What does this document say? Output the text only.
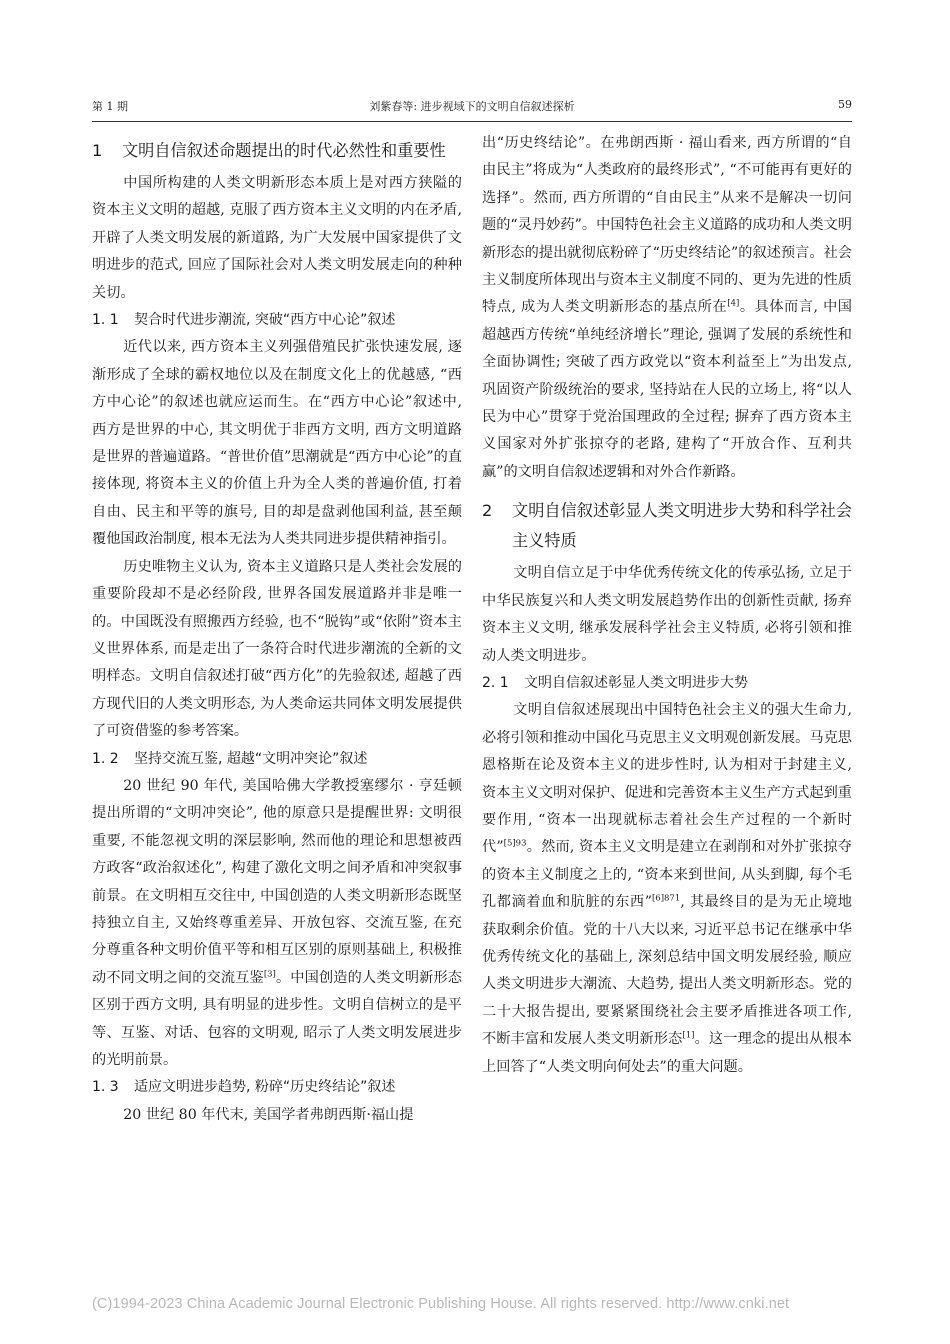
第 1 期	刘紫春等: 进步视域下的文明自信叙述探析	59
1	文明自信叙述命题提出的时代必然性和重要性

中国所构建的人类文明新形态本质上是对西方狭隘的资本主义文明的超越, 克服了西方资本主义文明的内在矛盾, 开辟了人类文明发展的新道路, 为广大发展中国家提供了文明进步的范式, 回应了国际社会对人类文明发展走向的种种关切。

1. 1 契合时代进步潮流, 突破“西方中心论”叙述

近代以来, 西方资本主义列强借殖民扩张快速发展, 逐渐形成了全球的霸权地位以及在制度文化上的优越感, “西方中心论”的叙述也就应运而生。在“西方中心论”叙述中, 西方是世界的中心, 其文明优于非西方文明, 西方文明道路是世界的普遍道路。“普世价值”思潮就是“西方中心论”的直接体现, 将资本主义的价值上升为全人类的普遍价值, 打着自由、民主和平等的旗号, 目的却是盘剥他国利益, 甚至颠覆他国政治制度, 根本无法为人类共同进步提供精神指引。

历史唯物主义认为, 资本主义道路只是人类社会发展的重要阶段却不是必经阶段, 世界各国发展道路并非是唯一的。中国既没有照搬西方经验, 也不“脱钩”或“依附”资本主义世界体系, 而是走出了一条符合时代进步潮流的全新的文明样态。文明自信叙述打破“西方化”的先验叙述, 超越了西方现代旧的人类文明形态, 为人类命运共同体文明发展提供了可资借鉴的参考答案。

1. 2 坚持交流互鉴, 超越“文明冲突论”叙述

20 世纪 90 年代, 美国哈佛大学教授塞缪尔 · 亨廷顿提出所谓的“文明冲突论”, 他的原意只是提醒世界: 文明很重要, 不能忽视文明的深层影响, 然而他的理论和思想被西方政客“政治叙述化”, 构建了激化文明之间矛盾和冲突叙事前景。在文明相互交往中, 中国创造的人类文明新形态既坚持独立自主, 又始终尊重差异、开放包容、交流互鉴, 在充分尊重各种文明价值平等和相互区别的原则基础上, 积极推动不同文明之间的交流互鉴[3]。中国创造的人类文明新形态区别于西方文明, 具有明显的进步性。文明自信树立的是平等、互鉴、对话、包容的文明观, 昭示了人类文明发展进步的光明前景。

1. 3 适应文明进步趋势, 粉碎“历史终结论”叙述

20 世纪 80 年代末, 美国学者弗朗西斯·福山提

出“历史终结论”。在弗朗西斯 · 福山看来, 西方所谓的“自由民主”将成为“人类政府的最终形式”, “不可能再有更好的选择”。然而, 西方所谓的“自由民主”从来不是解决一切问题的“灵丹妙药”。中国特色社会主义道路的成功和人类文明新形态的提出就彻底粉碎了“历史终结论”的叙述预言。社会主义制度所体现出与资本主义制度不同的、更为先进的性质特点, 成为人类文明新形态的基点所在[4]。具体而言, 中国超越西方传统“单纯经济增长”理论, 强调了发展的系统性和全面协调性; 突破了西方政党以“资本利益至上”为出发点, 巩固资产阶级统治的要求, 坚持站在人民的立场上, 将“以人民为中心”贯穿于党治国理政的全过程; 摒弃了西方资本主义国家对外扩张掠夺的老路, 建构了“开放合作、互利共赢”的文明自信叙述逻辑和对外合作新路。

2	文明自信叙述彰显人类文明进步大势和科学社会主义特质

文明自信立足于中华优秀传统文化的传承弘扬, 立足于中华民族复兴和人类文明发展趋势作出的创新性贡献, 扬弃资本主义文明, 继承发展科学社会主义特质, 必将引领和推动人类文明进步。

2. 1 文明自信叙述彰显人类文明进步大势

文明自信叙述展现出中国特色社会主义的强大生命力, 必将引领和推动中国化马克思主义文明观创新发展。马克思恩格斯在论及资本主义的进步性时, 认为相对于封建主义, 资本主义文明对保护、促进和完善资本主义生产方式起到重要作用, “资本一出现就标志着社会生产过程的一个新时代”$^{[5]93}$。然而, 资本主义文明是建立在剥削和对外扩张掠夺的资本主义制度之上的, “资本来到世间, 从头到脚, 每个毛孔都滴着血和肮脏的东西”$^{[6]871}$, 其最终目的是为无止境地获取剩余价值。党的十八大以来, 习近平总书记在继承中华优秀传统文化的基础上, 深刻总结中国文明发展经验, 顺应人类文明进步大潮流、大趋势, 提出人类文明新形态。党的二十大报告提出, 要紧紧围绕社会主要矛盾推进各项工作, 不断丰富和发展人类文明新形态[1]。这一理念的提出从根本上回答了“人类文明向何处去”的重大问题。

(C)1994-2023 China Academic Journal Electronic Publishing House. All rights reserved. http://www.cnki.net
